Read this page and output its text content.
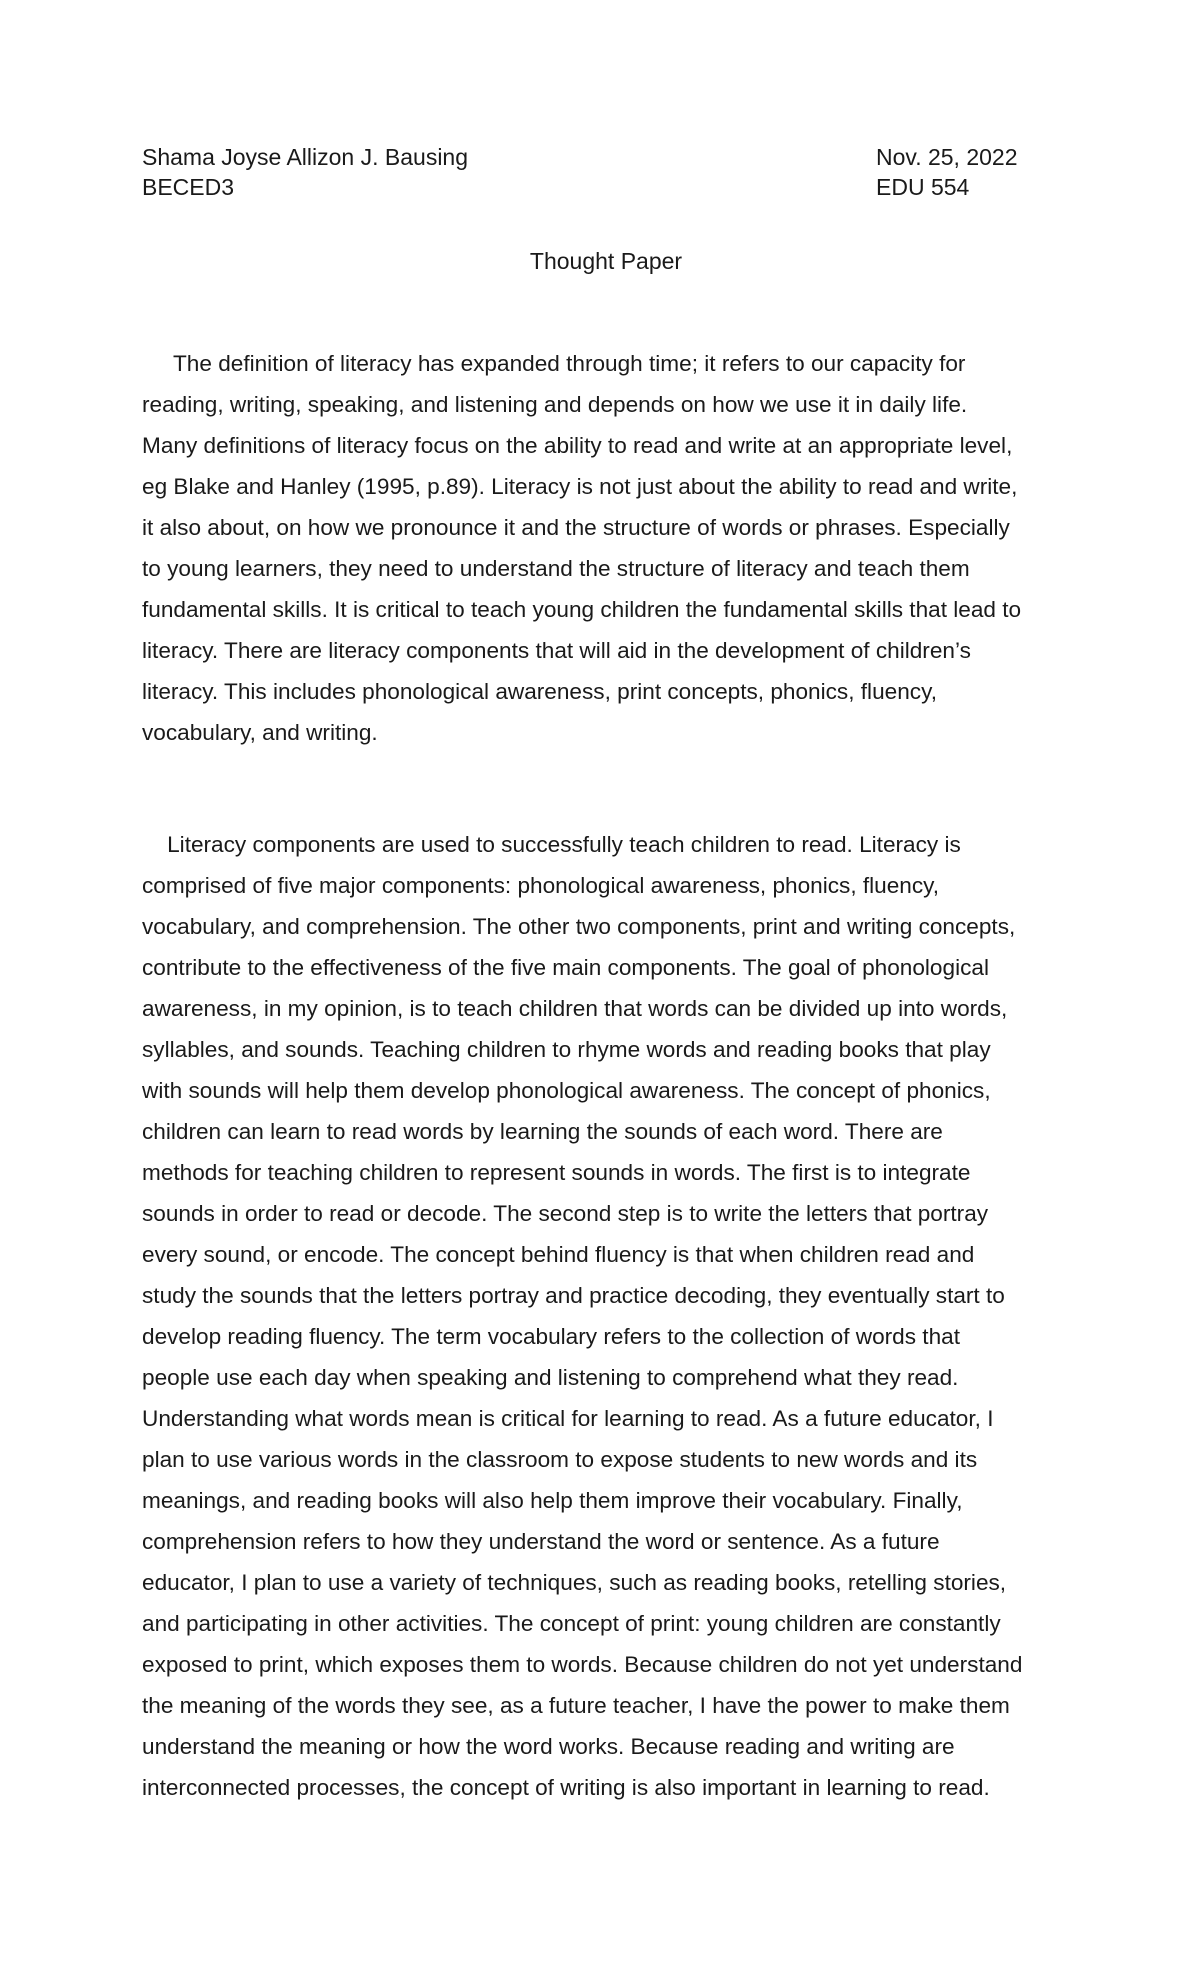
Shama Joyse Allizon J. Bausing
BECED3
Nov. 25, 2022
EDU 554
Thought Paper

The definition of literacy has expanded through time; it refers to our capacity for
reading, writing, speaking, and listening and depends on how we use it in daily life.
Many definitions of literacy focus on the ability to read and write at an appropriate level,
eg Blake and Hanley (1995, p.89). Literacy is not just about the ability to read and write,
it also about, on how we pronounce it and the structure of words or phrases. Especially
to young learners, they need to understand the structure of literacy and teach them
fundamental skills. It is critical to teach young children the fundamental skills that lead to
literacy. There are literacy components that will aid in the development of children’s
literacy. This includes phonological awareness, print concepts, phonics, fluency,
vocabulary, and writing.

Literacy components are used to successfully teach children to read. Literacy is
comprised of five major components: phonological awareness, phonics, fluency,
vocabulary, and comprehension. The other two components, print and writing concepts,
contribute to the effectiveness of the five main components. The goal of phonological
awareness, in my opinion, is to teach children that words can be divided up into words,
syllables, and sounds. Teaching children to rhyme words and reading books that play
with sounds will help them develop phonological awareness. The concept of phonics,
children can learn to read words by learning the sounds of each word. There are
methods for teaching children to represent sounds in words. The first is to integrate
sounds in order to read or decode. The second step is to write the letters that portray
every sound, or encode. The concept behind fluency is that when children read and
study the sounds that the letters portray and practice decoding, they eventually start to
develop reading fluency. The term vocabulary refers to the collection of words that
people use each day when speaking and listening to comprehend what they read.
Understanding what words mean is critical for learning to read. As a future educator, I
plan to use various words in the classroom to expose students to new words and its
meanings, and reading books will also help them improve their vocabulary. Finally,
comprehension refers to how they understand the word or sentence. As a future
educator, I plan to use a variety of techniques, such as reading books, retelling stories,
and participating in other activities. The concept of print: young children are constantly
exposed to print, which exposes them to words. Because children do not yet understand
the meaning of the words they see, as a future teacher, I have the power to make them
understand the meaning or how the word works. Because reading and writing are
interconnected processes, the concept of writing is also important in learning to read.
